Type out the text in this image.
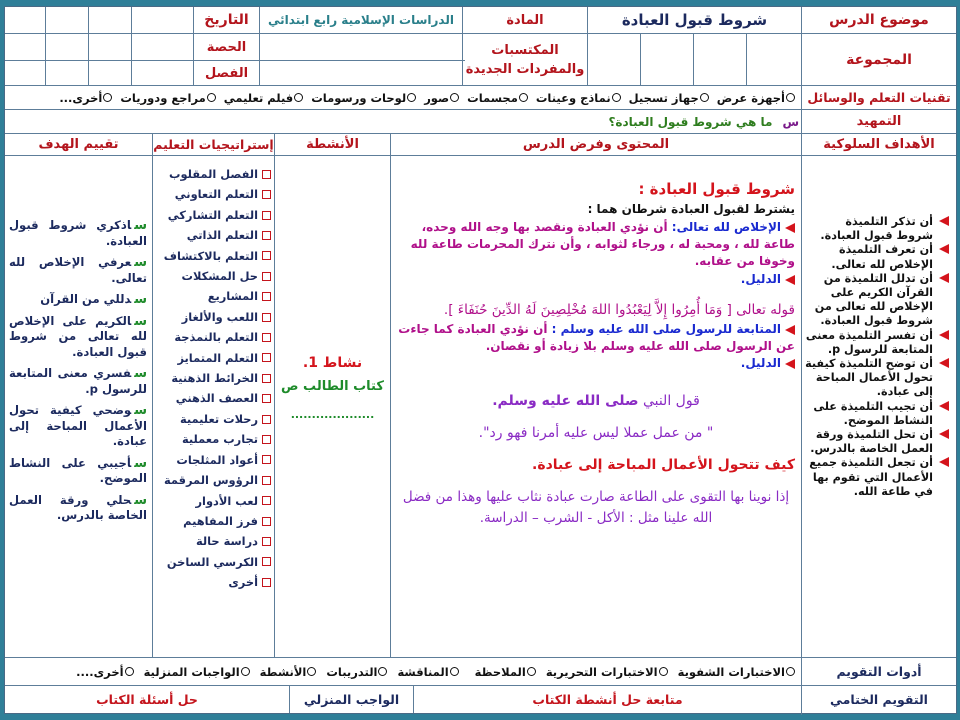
موضوع الدرس
شروط قبول العبادة
المادة
الدراسات الإسلامية رابع ابتدائي
التاريخ
المجموعة
المكتسبات والمفردات الجديدة
الحصة
الفصل
تقنيات التعلم والوسائل
أجهزة عرض
جهاز تسجيل
نماذج وعينات
مجسمات
صور
لوحات ورسومات
فيلم تعليمي
مراجع ودوريات
أخرى...
التمهيد
س
ما هي شروط قبول العبادة؟
الأهداف السلوكية
المحتوى وفرض الدرس
الأنشطة
إستراتيجيات التعليم
تقييم الهدف
أن تذكر التلميذة شروط قبول العبادة.
أن تعرف التلميذة الإخلاص لله تعالى.
أن تدلل التلميذة من القرآن الكريم على الإخلاص لله تعالى من شروط قبول العبادة.
أن تفسر التلميذة معنى المتابعة للرسول p.
أن توضح التلميذة كيفية تحول الأعمال المباحة إلى عبادة.
أن تجيب التلميذة على النشاط الموضح.
أن تحل التلميذة ورقة العمل الخاصة بالدرس.
أن تجعل التلميذة جميع الأعمال التي تقوم بها في طاعة الله.
شروط قبول العبادة :
يشترط لقبول العبادة شرطان هما :
الإخلاص لله تعالى: أن نؤدي العبادة ونقصد بها وجه الله وحده، طاعة لله ، ومحبة له ، ورجاء لثوابه ، وأن نترك المحرمات طاعة لله وخوفا من عقابه.
الدليل.
قوله تعالى [ وَمَا أُمِرُوا إِلاَّ لِيَعْبُدُوا اللهَ مُخْلِصِينَ لَهُ الدِّينَ حُنَفَاءَ ].
المتابعة للرسول صلى الله عليه وسلم : أن نؤدي العبادة كما جاءت عن الرسول صلى الله عليه وسلم بلا زيادة أو نقصان.
الدليل.
قول النبي صلى الله عليه وسلم.
" من عمل عملا ليس عليه أمرنا فهو رد".
كيف تتحول الأعمال المباحة إلى عبادة.
إذا نوينا بها التقوى على الطاعة صارت عبادة نثاب عليها وهذا من فضل الله علينا مثل : الأكل - الشرب – الدراسة.
نشاط 1.
كتاب الطالب ص
....................
الفصل المقلوب
التعلم التعاوني
التعلم التشاركي
التعلم الذاتي
التعلم بالاكتشاف
حل المشكلات
المشاريع
اللعب والألغاز
التعلم بالنمذجة
التعلم المتمايز
الخرائط الذهنية
العصف الذهني
رحلات تعليمية
تجارب معملية
أعواد المثلجات
الرؤوس المرقمة
لعب الأدوار
فرز المفاهيم
دراسة حالة
الكرسي الساخن
أخرى
ساذكري شروط قبول العبادة.
سعرفي الإخلاص لله تعالى.
سدللي من القرآن
سالكريم على الإخلاص لله تعالى من شروط قبول العبادة.
سفسري معنى المتابعة للرسول p.
سوضحي كيفية تحول الأعمال المباحة إلى عبادة.
سأجيبي على النشاط الموضح.
سحلي ورقة العمل الخاصة بالدرس.
أدوات التقويم
الاختبارات الشفوية
الاختبارات التحريرية
الملاحظة
المناقشة
التدريبات
الأنشطة
الواجبات المنزلية
أخرى....
التقويم الختامي
متابعة حل أنشطة الكتاب
الواجب المنزلي
حل أسئلة الكتاب
